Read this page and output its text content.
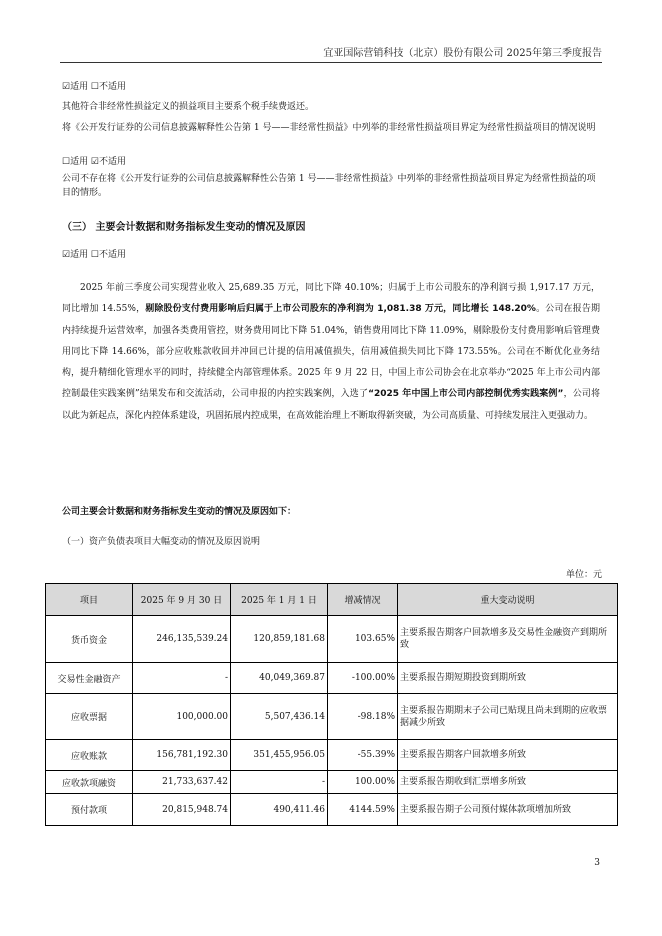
宜亚国际营销科技（北京）股份有限公司 2025年第三季度报告
☑适用 ☐不适用
其他符合非经常性损益定义的损益项目主要系个税手续费返还。
将《公开发行证券的公司信息披露解释性公告第 1 号——非经常性损益》中列举的非经常性损益项目界定为经常性损益项目的情况说明
☐适用 ☑不适用
公司不存在将《公开发行证券的公司信息披露解释性公告第 1 号——非经常性损益》中列举的非经常性损益项目界定为经常性损益的项目的情形。
（三） 主要会计数据和财务指标发生变动的情况及原因
☑适用 ☐不适用

2025 年前三季度公司实现营业收入 25,689.35 万元，同比下降 40.10%；归属于上市公司股东的净利润亏损 1,917.17 万元，同比增加 14.55%，剔除股份支付费用影响后归属于上市公司股东的净利润为 1,081.38 万元，同比增长 148.20%。公司在报告期内持续提升运营效率，加强各类费用管控，财务费用同比下降 51.04%，销售费用同比下降 11.09%，剔除股份支付费用影响后管理费用同比下降 14.66%，部分应收账款收回并冲回已计提的信用减值损失，信用减值损失同比下降 173.55%。公司在不断优化业务结构，提升精细化管理水平的同时，持续健全内部管理体系。2025 年 9 月 22 日，中国上市公司协会在北京举办“2025 年上市公司内部控制最佳实践案例”结果发布和交流活动，公司申报的内控实践案例，入选了“2025 年中国上市公司内部控制优秀实践案例”，公司将以此为新起点，深化内控体系建设，巩固拓展内控成果，在高效能治理上不断取得新突破，为公司高质量、可持续发展注入更强动力。

公司主要会计数据和财务指标发生变动的情况及原因如下：
（一）资产负债表项目大幅变动的情况及原因说明
单位：元
项目	2025 年 9 月 30 日	2025 年 1 月 1 日	增减情况	重大变动说明
货币资金	246,135,539.24	120,859,181.68	103.65%	主要系报告期客户回款增多及交易性金融资产到期所致
交易性金融资产	-	40,049,369.87	-100.00%	主要系报告期短期投资到期所致
应收票据	100,000.00	5,507,436.14	-98.18%	主要系报告期期末子公司已贴现且尚未到期的应收票据减少所致
应收账款	156,781,192.30	351,455,956.05	-55.39%	主要系报告期客户回款增多所致
应收款项融资	21,733,637.42	-	100.00%	主要系报告期收到汇票增多所致
预付款项	20,815,948.74	490,411.46	4144.59%	主要系报告期子公司预付媒体款项增加所致
3
